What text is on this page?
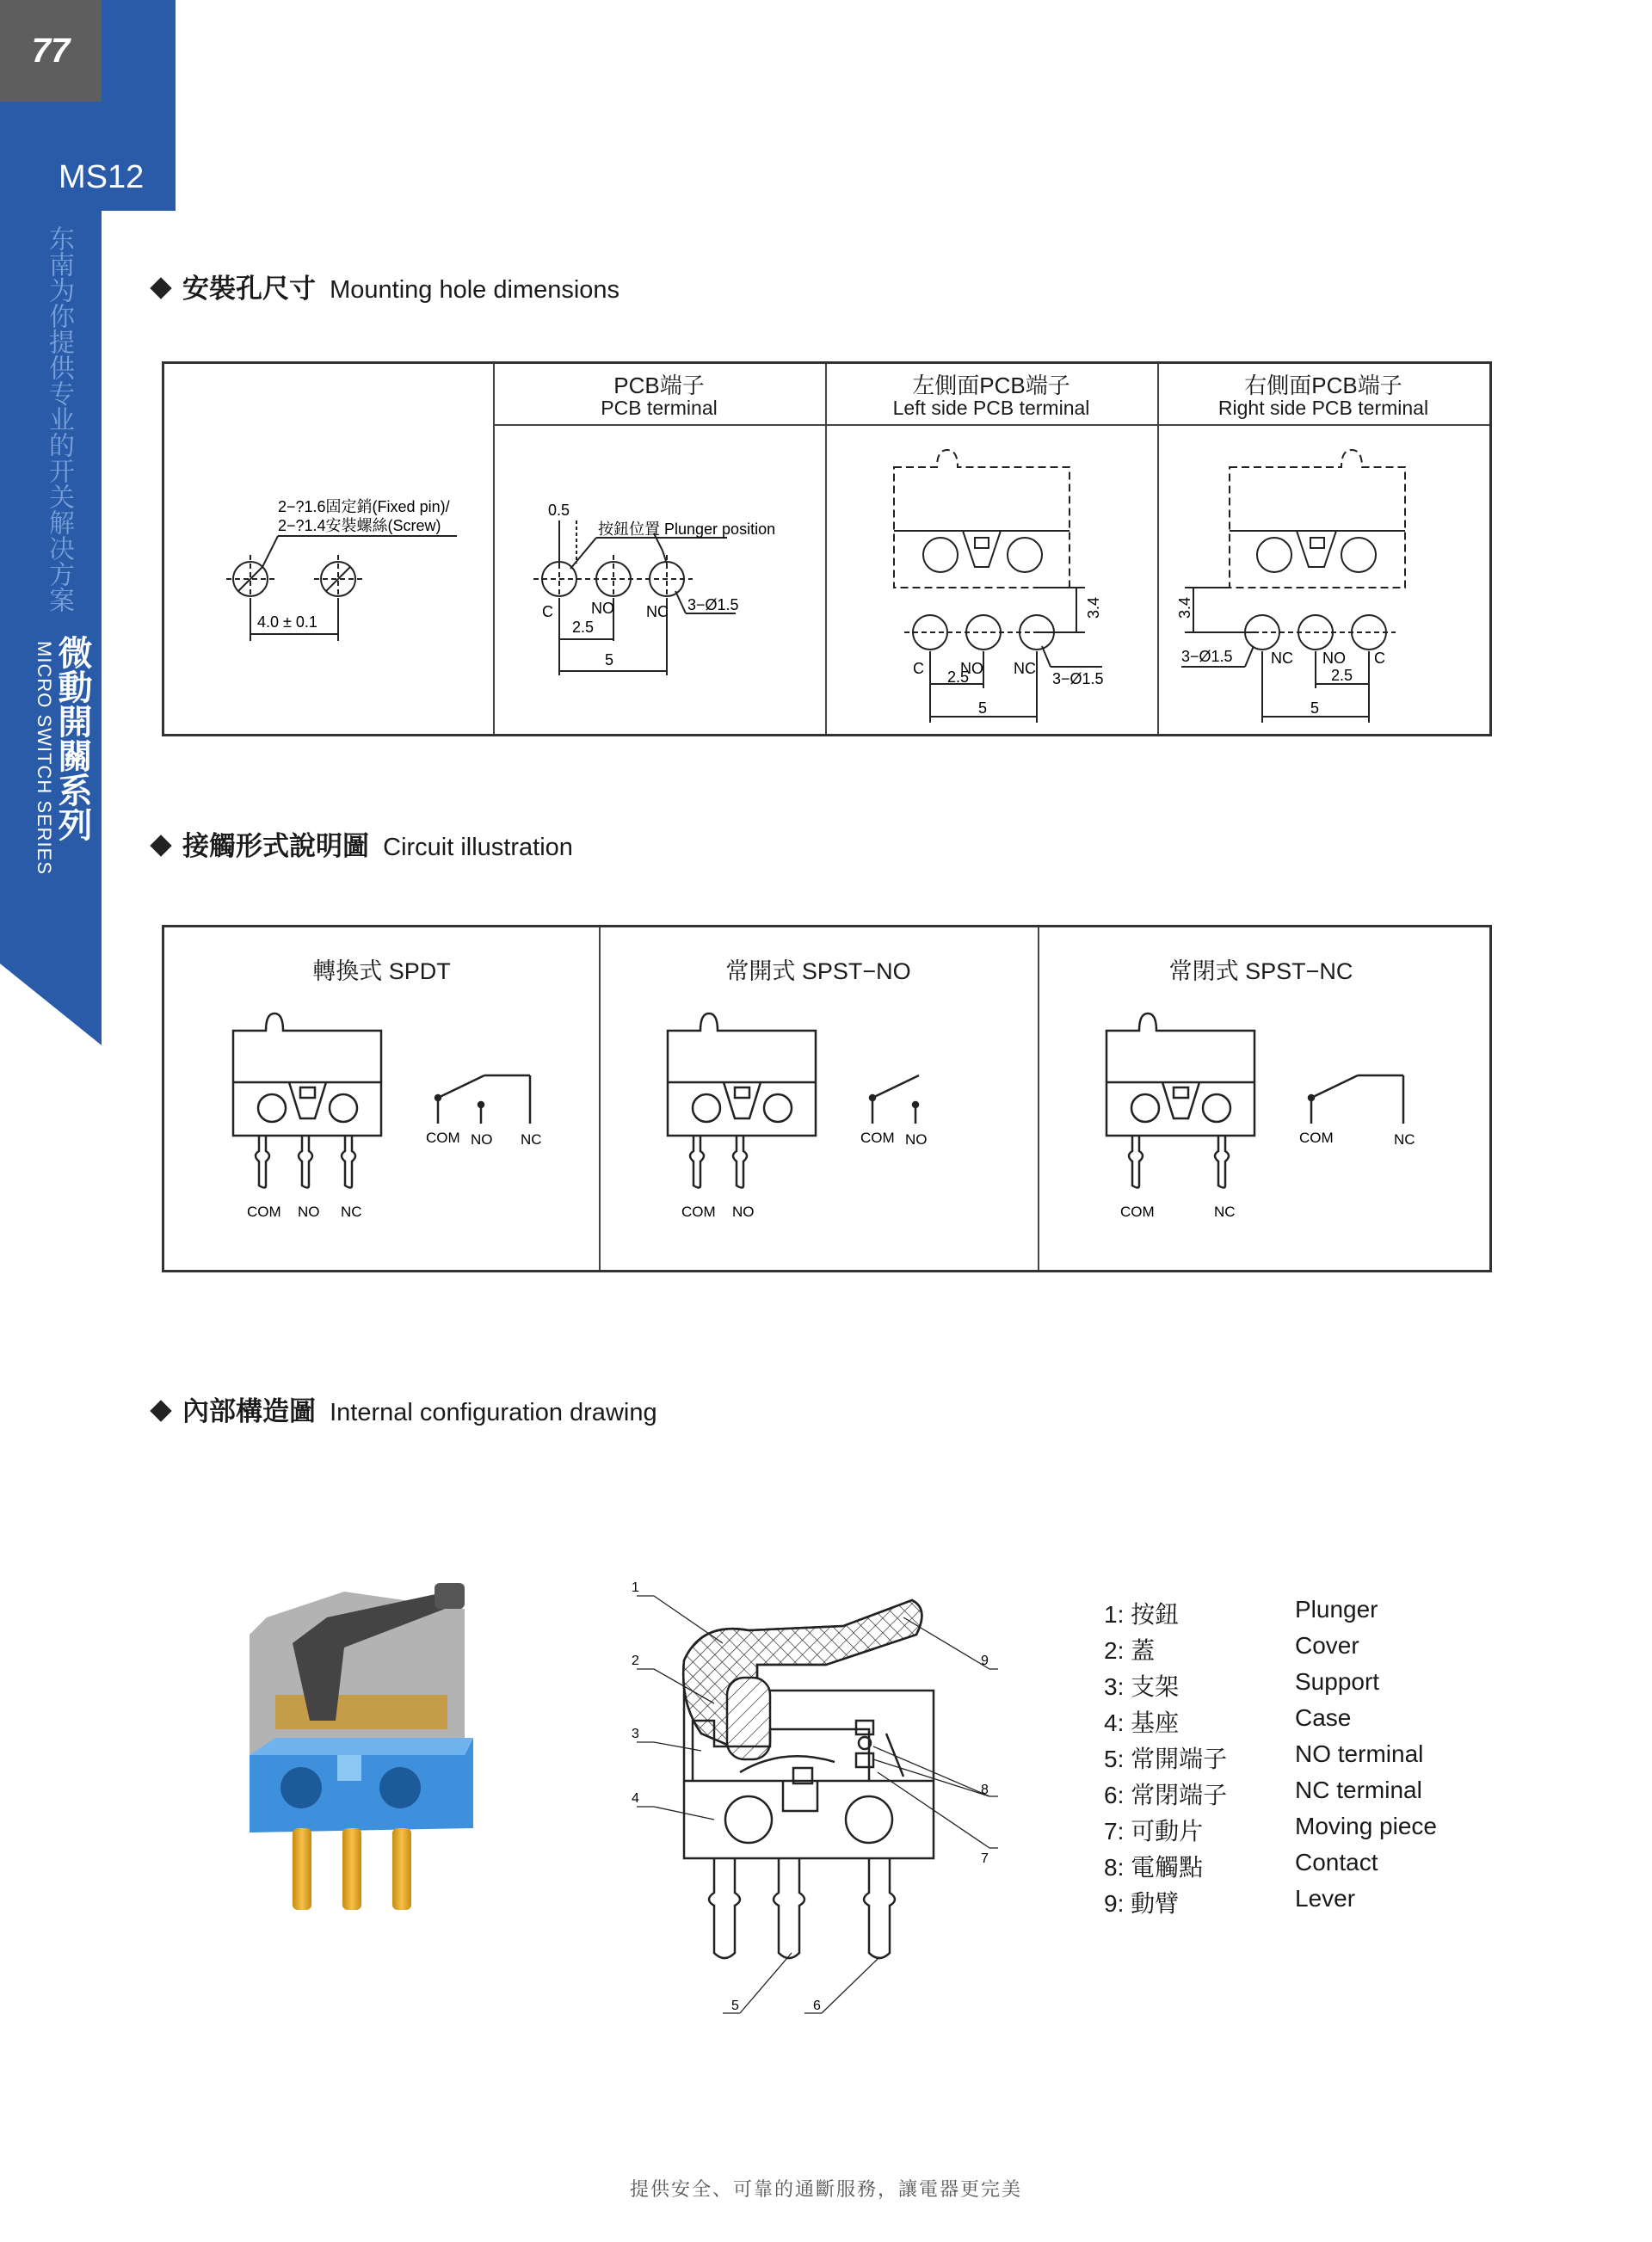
77
MS12
东南为你提供专业的开关解决方案
微動開關系列
MICRO SWITCH SERIES
安裝孔尺寸 Mounting hole dimensions
PCB端子
PCB terminal
左側面PCB端子
Left side PCB terminal
右側面PCB端子
Right side PCB terminal
2−?1.6固定銷(Fixed pin)/
2−?1.4安裝螺絲(Screw)
4.0 ± 0.1
0.5
按鈕位置 Plunger position
C NO NC 3−Ø1.5
2.5
5	C NO NC
3−Ø1.5
2.5
5
3.4
NC NO C
3−Ø1.5
2.5
5
3.4
接觸形式說明圖 Circuit illustration
轉換式 SPDT
COM NO NC
COM NO NC
常開式 SPST−NO
COM NO
COM NO
常閉式 SPST−NC
COM	NC
COM	NC
內部構造圖 Internal configuration drawing
1
2
3
4
5	6
7
8
9
1: 按鈕	Plunger
2: 蓋	Cover
3: 支架	Support
4: 基座	Case
5: 常開端子	NO terminal
6: 常閉端子	NC terminal
7: 可動片	Moving piece
8: 電觸點	Contact
9: 動臂	Lever
提供安全、可靠的通斷服務，讓電器更完美
